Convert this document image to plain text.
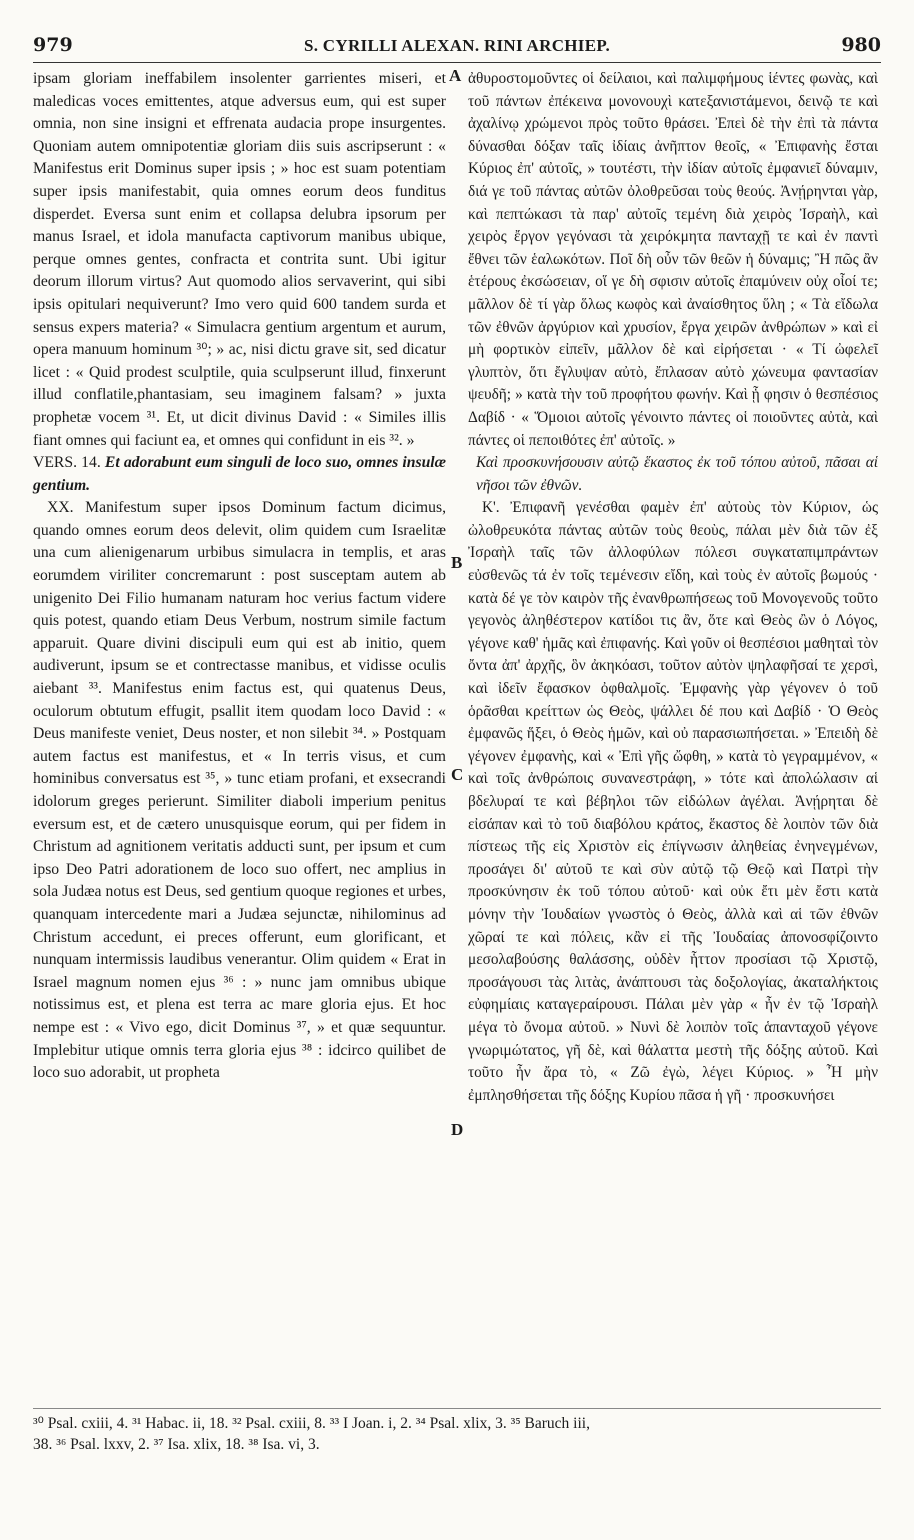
979	S. CYRILLI ALEXAN. RINI ARCHIEP.	980

ipsam gloriam ineffabilem insolenter garrientes miseri, et maledicas voces emittentes, atque adversus eum, qui est super omnia, non sine insigni et effrenata audacia prope insurgentes. Quoniam autem omnipotentiæ gloriam diis suis ascripserunt : « Manifestus erit Dominus super ipsis ; » hoc est suam potentiam super ipsis manifestabit, quia omnes eorum deos funditus disperdet. Eversa sunt enim et collapsa delubra ipsorum per manus Israel, et idola manufacta captivorum manibus ubique, perque omnes gentes, confracta et contrita sunt. Ubi igitur deorum illorum virtus? Aut quomodo alios servaverint, qui sibi ipsis opitulari nequiverunt? Imo vero quid 600 tandem surda et sensus expers materia? « Simulacra gentium argentum et aurum, opera manuum hominum ³⁰; » ac, nisi dictu grave sit, sed dicatur licet : « Quid prodest sculptile, quia sculpserunt illud, finxerunt illud conflatile,phantasiam, seu imaginem falsam? » juxta prophetæ vocem ³¹. Et, ut dicit divinus David : « Similes illis fiant omnes qui faciunt ea, et omnes qui confidunt in eis ³². »

VERS. 14. Et adorabunt eum singuli de loco suo, omnes insulæ gentium.

XX. Manifestum super ipsos Dominum factum dicimus, quando omnes eorum deos delevit, olim quidem cum Israelitæ una cum alienigenarum urbibus simulacra in templis, et aras eorumdem viriliter concremarunt : post susceptam autem ab unigenito Dei Filio humanam naturam hoc verius factum videre quis potest, quando etiam Deus Verbum, nostrum simile factum apparuit. Quare divini discipuli eum qui est ab initio, quem audiverunt, ipsum se et contrectasse manibus, et vidisse oculis aiebant ³³. Manifestus enim factus est, qui quatenus Deus, oculorum obtutum effugit, psallit item quodam loco David : « Deus manifeste veniet, Deus noster, et non silebit ³⁴. » Postquam autem factus est manifestus, et « In terris visus, et cum hominibus conversatus est ³⁵, » tunc etiam profani, et exsecrandi idolorum greges perierunt. Similiter diaboli imperium penitus eversum est, et de cætero unusquisque eorum, qui per fidem in Christum ad agnitionem veritatis adducti sunt, per ipsum et cum ipso Deo Patri adorationem de loco suo offert, nec amplius in sola Judæa notus est Deus, sed gentium quoque regiones et urbes, quanquam intercedente mari a Judæa sejunctæ, nihilominus ad Christum accedunt, ei preces offerunt, eum glorificant, et nunquam intermissis laudibus venerantur. Olim quidem « Erat in Israel magnum nomen ejus ³⁶ : » nunc jam omnibus ubique notissimus est, et plena est terra ac mare gloria ejus. Et hoc nempe est : « Vivo ego, dicit Dominus ³⁷, » et quæ sequuntur. Implebitur utique omnis terra gloria ejus ³⁸ : idcirco quilibet de loco suo adorabit, ut propheta

A
B
C
D

ἀθυροστομοῦντες οἱ δείλαιοι, καὶ παλιμφήμους ἱέντες φωνὰς, καὶ τοῦ πάντων ἐπέκεινα μονονουχὶ κατεξανιστάμενοι, δεινῷ τε καὶ ἀχαλίνῳ χρώμενοι πρὸς τοῦτο θράσει. Ἐπεὶ δὲ τὴν ἐπὶ τὰ πάντα δύνασθαι δόξαν ταῖς ἰδίαις ἀνῆπτον θεοῖς, « Ἐπιφανὴς ἔσται Κύριος ἐπ' αὐτοῖς, » τουτέστι, τὴν ἰδίαν αὐτοῖς ἐμφανιεῖ δύναμιν, διά γε τοῦ πάντας αὐτῶν ὀλοθρεῦσαι τοὺς θεούς. Ἀνῄρηνται γὰρ, καὶ πεπτώκασι τὰ παρ' αὐτοῖς τεμένη διὰ χειρὸς Ἰσραὴλ, καὶ χειρὸς ἔργον γεγόνασι τὰ χειρόκμητα πανταχῇ τε καὶ ἐν παντὶ ἔθνει τῶν ἑαλωκότων. Ποῖ δὴ οὖν τῶν θεῶν ἡ δύναμις; Ἢ πῶς ἂν ἑτέρους ἐκσώσειαν, οἵ γε δὴ σφισιν αὐτοῖς ἐπαμύνειν οὐχ οἷοί τε; μᾶλλον δὲ τί γὰρ ὅλως κωφὸς καὶ ἀναίσθητος ὕλη ; « Τὰ εἴδωλα τῶν ἐθνῶν ἀργύριον καὶ χρυσίον, ἔργα χειρῶν ἀνθρώπων » καὶ εἰ μὴ φορτικὸν εἰπεῖν, μᾶλλον δὲ καὶ εἰρήσεται · « Τί ὠφελεῖ γλυπτὸν, ὅτι ἔγλυψαν αὐτὸ, ἔπλασαν αὐτὸ χώνευμα φαντασίαν ψευδῆ; » κατὰ τὴν τοῦ προφήτου φωνήν. Καὶ ᾗ φησιν ὁ θεσπέσιος Δαβίδ · « Ὅμοιοι αὐτοῖς γένοιντο πάντες οἱ ποιοῦντες αὐτὰ, καὶ πάντες οἱ πεποιθότες ἐπ' αὐτοῖς. »

Καὶ προσκυνήσουσιν αὐτῷ ἕκαστος ἐκ τοῦ τόπου αὐτοῦ, πᾶσαι αἱ νῆσοι τῶν ἐθνῶν.

Κ'. Ἐπιφανῆ γενέσθαι φαμὲν ἐπ' αὐτοὺς τὸν Κύριον, ὡς ὠλοθρευκότα πάντας αὐτῶν τοὺς θεοὺς, πάλαι μὲν διὰ τῶν ἐξ Ἰσραὴλ ταῖς τῶν ἀλλοφύλων πόλεσι συγκαταπιμπράντων εὐσθενῶς τά ἐν τοῖς τεμένεσιν εἴδη, καὶ τοὺς ἐν αὐτοῖς βωμούς · κατὰ δέ γε τὸν καιρὸν τῆς ἐνανθρωπήσεως τοῦ Μονογενοῦς τοῦτο γεγονὸς ἀληθέστερον κατίδοι τις ἂν, ὅτε καὶ Θεὸς ὢν ὁ Λόγος, γέγονε καθ' ἡμᾶς καὶ ἐπιφανής. Καὶ γοῦν οἱ θεσπέσιοι μαθηταὶ τὸν ὄντα ἀπ' ἀρχῆς, ὃν ἀκηκόασι, τοῦτον αὐτὸν ψηλαφῆσαί τε χερσὶ, καὶ ἰδεῖν ἔφασκον ὀφθαλμοῖς. Ἐμφανὴς γὰρ γέγονεν ὁ τοῦ ὁρᾶσθαι κρείττων ὡς Θεὸς, ψάλλει δέ που καὶ Δαβίδ · Ὁ Θεὸς ἐμφανῶς ἥξει, ὁ Θεὸς ἡμῶν, καὶ οὐ παρασιωπήσεται. » Ἐπειδὴ δὲ γέγονεν ἐμφανὴς, καὶ « Ἐπὶ γῆς ὤφθη, » κατὰ τὸ γεγραμμένον, « καὶ τοῖς ἀνθρώποις συνανεστράφη, » τότε καὶ ἀπολώλασιν αἱ βδελυραί τε καὶ βέβηλοι τῶν εἰδώλων ἀγέλαι. Ἀνῄρηται δὲ εἰσάπαν καὶ τὸ τοῦ διαβόλου κράτος, ἕκαστος δὲ λοιπὸν τῶν διὰ πίστεως τῆς εἰς Χριστὸν εἰς ἐπίγνωσιν ἀληθείας ἐνηνεγμένων, προσάγει δι' αὐτοῦ τε καὶ σὺν αὐτῷ τῷ Θεῷ καὶ Πατρὶ τὴν προσκύνησιν ἐκ τοῦ τόπου αὐτοῦ· καὶ οὐκ ἔτι μὲν ἔστι κατὰ μόνην τὴν Ἰουδαίων γνωστὸς ὁ Θεὸς, ἀλλὰ καὶ αἱ τῶν ἐθνῶν χῶραί τε καὶ πόλεις, κἂν εἰ τῆς Ἰουδαίας ἀπονοσφίζοιντο μεσολαβούσης θαλάσσης, οὐδὲν ἧττον προσίασι τῷ Χριστῷ, προσάγουσι τὰς λιτὰς, ἀνάπτουσι τὰς δοξολογίας, ἀκαταλήκτοις εὐφημίαις καταγεραίρουσι. Πάλαι μὲν γὰρ « ἦν ἐν τῷ Ἰσραὴλ μέγα τὸ ὄνομα αὐτοῦ. » Νυνὶ δὲ λοιπὸν τοῖς ἁπανταχοῦ γέγονε γνωριμώτατος, γῆ δὲ, καὶ θάλαττα μεστὴ τῆς δόξης αὐτοῦ. Καὶ τοῦτο ἦν ἄρα τὸ, « Ζῶ ἐγὼ, λέγει Κύριος. » Ἦ μὴν ἐμπλησθήσεται τῆς δόξης Κυρίου πᾶσα ἡ γῆ · προσκυνήσει

³⁰ Psal. cxiii, 4. ³¹ Habac. ii, 18. ³² Psal. cxiii, 8. ³³ I Joan. i, 2. ³⁴ Psal. xlix, 3. ³⁵ Baruch iii,
38. ³⁶ Psal. lxxv, 2. ³⁷ Isa. xlix, 18. ³⁸ Isa. vi, 3.
